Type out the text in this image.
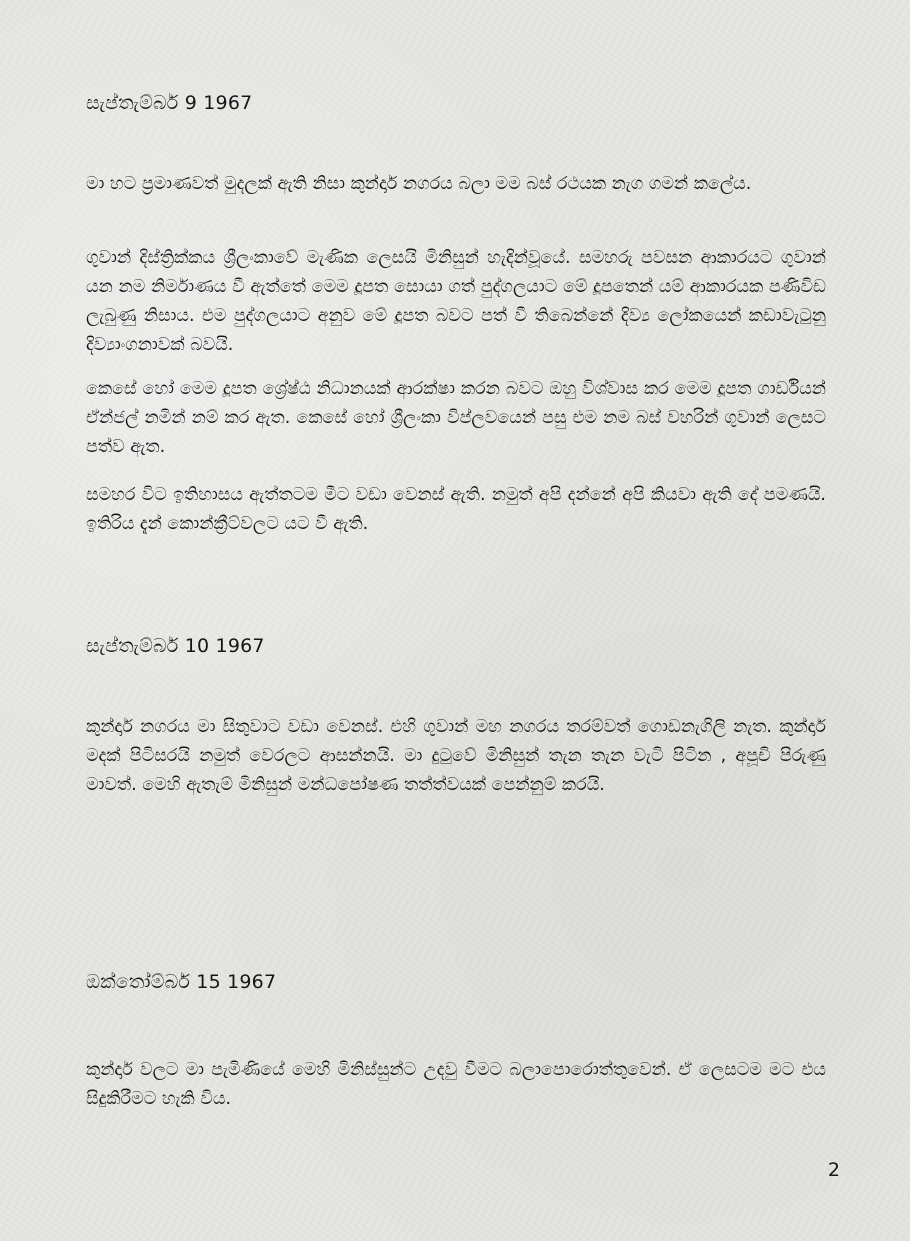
සැප්තැම්බර් 9 1967

මා හට ප්‍රමාණවත් මුදලක් ඇති නිසා කුන්දාර් නගරය බලා මම බස් රථයක නැග ගමන් කලේය.

ගුවාන් දිස්ත්‍රික්කය ශ්‍රීලංකාවේ මැණික ලෙසයි මිනිසුන් හැදින්වූයේ. සමහරු පවසන ආකාරයට ගුවාන් යන නම නිර්මාණය වී ඇත්තේ මෙම දූපත සොයා ගත් පුද්ගලයාට මේ දූපතෙන් යම් ආකාරයක පණිවිඩ ලැබුණු නිසාය. එම පුද්ගලයාට අනුව මේ දූපත බවට පත් වී තිබෙන්නේ දිව්‍ය ලෝකයෙන් කඩාවැටුනු දිව්‍යාංගනාවක් බවයි.

කෙසේ හෝ මෙම දූපත ශ්‍රේෂ්ඨ නිධානයක් ආරක්ෂා කරන බවට ඔහු විශ්වාස කර මෙම දූපත ගාර්ඩියන් ඒන්ජල් නමින් නම් කර ඇත. කෙසේ හෝ ශ්‍රීලංකා විප්ලවයෙන් පසු එම නම බස් වහරින් ගුවාන් ලෙසට පත්ව ඇත.

සමහර විට ඉතිහාසය ඇත්තටම මීට වඩා වෙනස් ඇති. නමුත් අපි දන්නේ අපි කියවා ඇති දේ පමණයි. ඉතිරිය දැන් කොන්ක්‍රීට්වලට යට වී ඇති.

සැප්තැම්බර් 10 1967

කුන්දාර් නගරය මා සිතුවාට වඩා වෙනස්. එහි ගුවාන් මහ නගරය තරම්වත් ගොඩනැගිලි නැත. කුන්දාර් මදක් පිටිසරයි නමුත් වෙරලට ආසන්නයි. මා දුටුවේ මිනිසුන් තැන තැන වැටි පිටින , අපූචි පිරුණු මාවත්. මෙහි ඇතැම් මිනිසුන් මන්ධපෝෂණ තත්ත්වයක් පෙන්නුම් කරයි.

ඔක්තෝම්බර් 15 1967

කුන්දාර් වලට මා පැමිණියේ මෙහි මිනිස්සුන්ට උදවු වීමට බලාපොරොත්තුවෙන්. ඒ ලෙසටම මට එය සිදුකිරීමට හැකි විය.

2
